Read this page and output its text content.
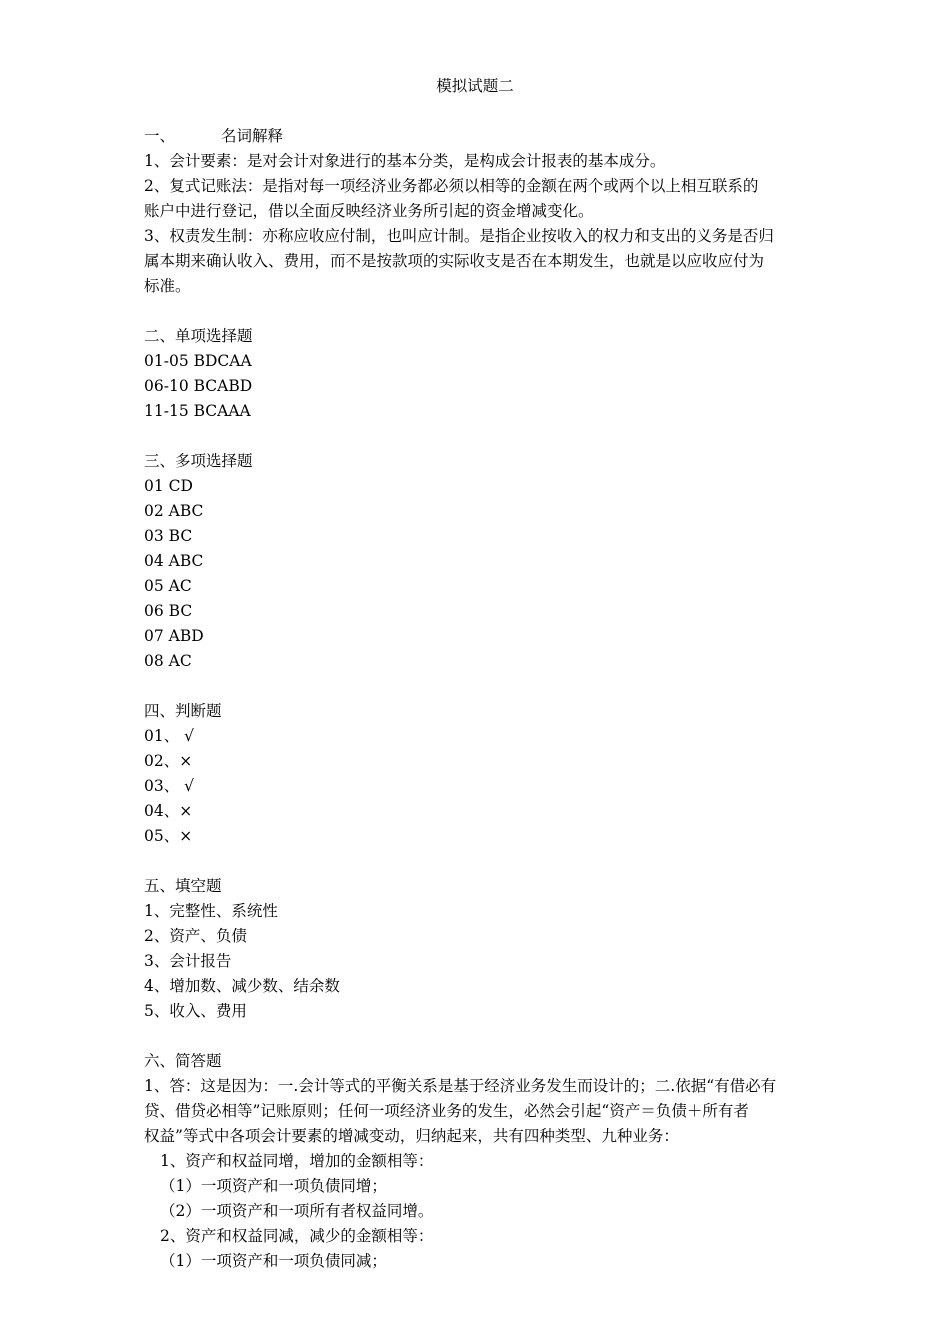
模拟试题二
一、	名词解释
1、会计要素：是对会计对象进行的基本分类，是构成会计报表的基本成分。
2、复式记账法：是指对每一项经济业务都必须以相等的金额在两个或两个以上相互联系的
账户中进行登记，借以全面反映经济业务所引起的资金增减变化。
3、权责发生制：亦称应收应付制，也叫应计制。是指企业按收入的权力和支出的义务是否归
属本期来确认收入、费用，而不是按款项的实际收支是否在本期发生，也就是以应收应付为
标准。
二、单项选择题
01-05 BDCAA
06-10 BCABD
11-15 BCAAA
三、多项选择题
01 CD
02 ABC
03 BC
04 ABC
05 AC
06 BC
07 ABD
08 AC
四、判断题
01、 √
02、×
03、 √
04、×
05、×
五、填空题
1、完整性、系统性
2、资产、负债
3、会计报告
4、增加数、减少数、结余数
5、收入、费用
六、简答题
1、答：这是因为：一.会计等式的平衡关系是基于经济业务发生而设计的；二.依据“有借必有
贷、借贷必相等”记账原则；任何一项经济业务的发生，必然会引起“资产＝负债＋所有者
权益”等式中各项会计要素的增减变动，归纳起来，共有四种类型、九种业务：
1、资产和权益同增，增加的金额相等：
（1）一项资产和一项负债同增；
（2）一项资产和一项所有者权益同增。
2、资产和权益同减，减少的金额相等：
（1）一项资产和一项负债同减；
